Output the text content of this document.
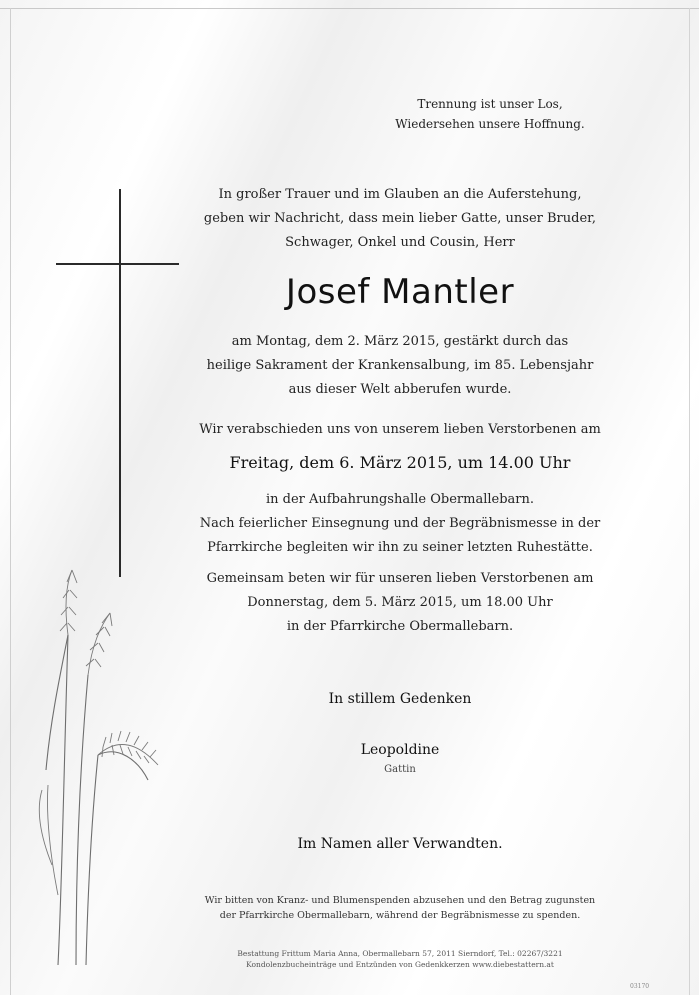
Trennung ist unser Los,
Wiedersehen unsere Hoffnung.
In großer Trauer und im Glauben an die Auferstehung,
geben wir Nachricht, dass mein lieber Gatte, unser Bruder,
Schwager, Onkel und Cousin, Herr
Josef Mantler
am Montag, dem 2. März 2015, gestärkt durch das
heilige Sakrament der Krankensalbung, im 85. Lebensjahr
aus dieser Welt abberufen wurde.
Wir verabschieden uns von unserem lieben Verstorbenen am
Freitag, dem 6. März 2015, um 14.00 Uhr
in der Aufbahrungshalle Obermallebarn.
Nach feierlicher Einsegnung und der Begräbnismesse in der
Pfarrkirche begleiten wir ihn zu seiner letzten Ruhestätte.
Gemeinsam beten wir für unseren lieben Verstorbenen am
Donnerstag, dem 5. März 2015, um 18.00 Uhr
in der Pfarrkirche Obermallebarn.
In stillem Gedenken
Leopoldine
Gattin
Im Namen aller Verwandten.
Wir bitten von Kranz- und Blumenspenden abzusehen und den Betrag zugunsten
der Pfarrkirche Obermallebarn, während der Begräbnismesse zu spenden.
Bestattung Frittum Maria Anna, Obermallebarn 57, 2011 Sierndorf, Tel.: 02267/3221
Kondolenzbucheinträge und Entzünden von Gedenkkerzen www.diebestattern.at
03170
